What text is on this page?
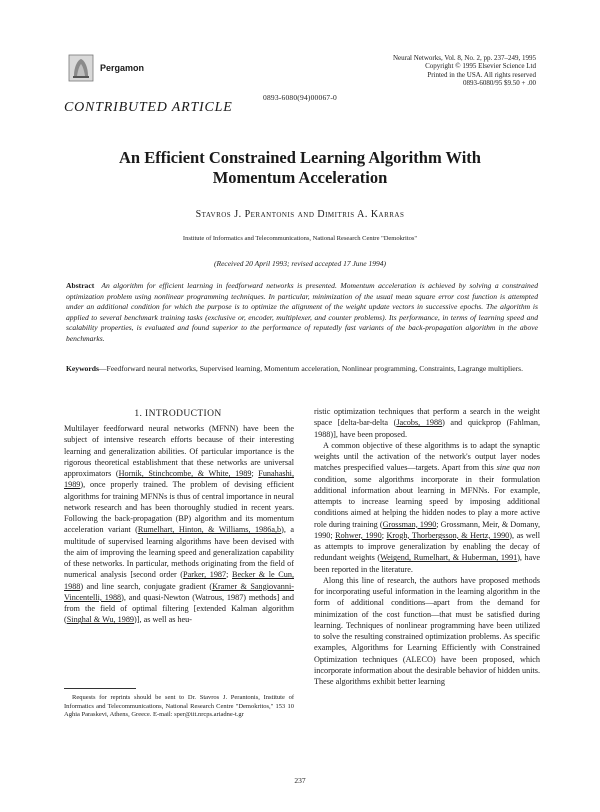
Pergamon
Neural Networks, Vol. 8, No. 2, pp. 237–249, 1995
Copyright © 1995 Elsevier Science Ltd
Printed in the USA. All rights reserved
0893-6080/95 $9.50 + .00
0893-6080(94)00067-0
CONTRIBUTED ARTICLE
An Efficient Constrained Learning Algorithm With
Momentum Acceleration
Stavros J. Perantonis and Dimitris A. Karras
Institute of Informatics and Telecommunications, National Research Centre "Demokritos"
(Received 20 April 1993; revised accepted 17 June 1994)
Abstract An algorithm for efficient learning in feedforward networks is presented. Momentum acceleration is achieved by solving a constrained optimization problem using nonlinear programming techniques. In particular, minimization of the usual mean square error cost function is attempted under an additional condition for which the purpose is to optimize the alignment of the weight update vectors in successive epochs. The algorithm is applied to several benchmark training tasks (exclusive or, encoder, multiplexer, and counter problems). Its performance, in terms of learning speed and scalability properties, is evaluated and found superior to the performance of reputedly fast variants of the back-propagation algorithm in the above benchmarks.
Keywords—Feedforward neural networks, Supervised learning, Momentum acceleration, Nonlinear programming, Constraints, Lagrange multipliers.
1. INTRODUCTION

Multilayer feedforward neural networks (MFNN) have been the subject of intensive research efforts because of their interesting learning and generalization abilities. Of particular importance is the rigorous theoretical establishment that these networks are universal approximators (Hornik, Stinchcombe, & White, 1989; Funahashi, 1989), once properly trained. The problem of devising efficient algorithms for training MFNNs is thus of central importance in neural network research and has been thoroughly studied in recent years. Following the back-propagation (BP) algorithm and its momentum acceleration variant (Rumelhart, Hinton, & Williams, 1986a,b), a multitude of supervised learning algorithms have been devised with the aim of improving the learning speed and generalization capability of these networks. In particular, methods originating from the field of numerical analysis [second order (Parker, 1987; Becker & le Cun, 1988) and line search, conjugate gradient (Kramer & Sangiovanni-Vincentelli, 1988), and quasi-Newton (Watrous, 1987) methods] and from the field of optimal filtering [extended Kalman algorithm (Singhal & Wu, 1989)], as well as heu-

Requests for reprints should be sent to Dr. Stavros J. Perantonis, Institute of Informatics and Telecommunications, National Research Centre "Demokritos," 153 10 Aghia Paraskevi, Athens, Greece. E-mail: sper@iit.nrcps.ariadne-t.gr

ristic optimization techniques that perform a search in the weight space [delta-bar-delta (Jacobs, 1988) and quickprop (Fahlman, 1988)], have been proposed.

A common objective of these algorithms is to adapt the synaptic weights until the activation of the network's output layer nodes matches prespecified values—targets. Apart from this sine qua non condition, some algorithms incorporate in their formulation additional information about learning in MFNNs. For example, attempts to increase learning speed by imposing additional conditions aimed at helping the hidden nodes to play a more active role during training (Grossman, 1990; Grossmann, Meir, & Domany, 1990; Rohwer, 1990; Krogh, Thorbergsson, & Hertz, 1990), as well as attempts to improve generalization by enabling the decay of redundant weights (Weigend, Rumelhart, & Huberman, 1991), have been reported in the literature.

Along this line of research, the authors have proposed methods for incorporating useful information in the learning algorithm in the form of additional conditions—apart from the demand for minimization of the cost function—that must be satisfied during learning. Techniques of nonlinear programming have been utilized to solve the resulting constrained optimization problems. As specific examples, Algorithms for Learning Efficiently with Constrained Optimization techniques (ALECO) have been proposed, which incorporate information about the desirable behavior of hidden units. These algorithms exhibit better learning

237
